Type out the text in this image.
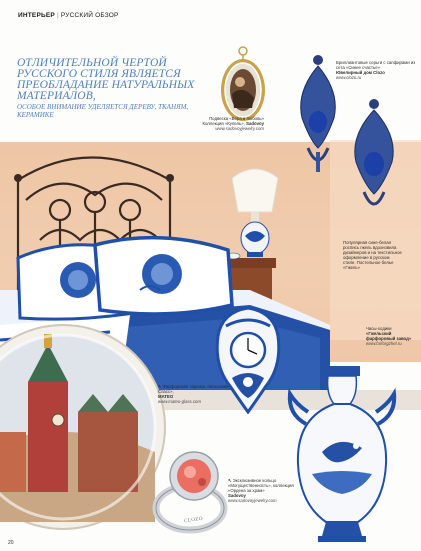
ИНТЕРЬЕР | РУССКИЙ ОБЗОР
CLOZO
ОТЛИЧИТЕЛЬНОЙ ЧЕРТОЙ РУССКОГО СТИЛЯ ЯВЛЯЕТСЯ ПРЕОБЛАДАНИЕ НАТУРАЛЬНЫХ МАТЕРИАЛОВ,
ОСОБОЕ ВНИМАНИЕ УДЕЛЯЕТСЯ ДЕРЕВУ, ТКАНЯМ, КЕРАМИКЕ	Подвеска «Вера и любовь»
Коллекция «Купель», Sadovoy
www.sadovoyjewelry.com
Бриллиантовые серьги с сапфирами из сета «Синее счастье»
Ювелирный дом Clozo
www.clozo.ru
Популярная сине-белая роспись гжель вдохновила дизайнеров и на текстильное оформление в русском стиле. Постельное белье «Гжель»
Часы-ходики
«Гжельский фарфоровый завод»
www.farforgzhel.ru
↖Фарфоровая тарелка «Московия Спасс»,
MATEO
www.mateo-glass.com
↖Эксклюзивное кольцо «Могущественность», коллекция «Ордена за храм»
Sadovoy
www.sadovoyjewelry.com
20
